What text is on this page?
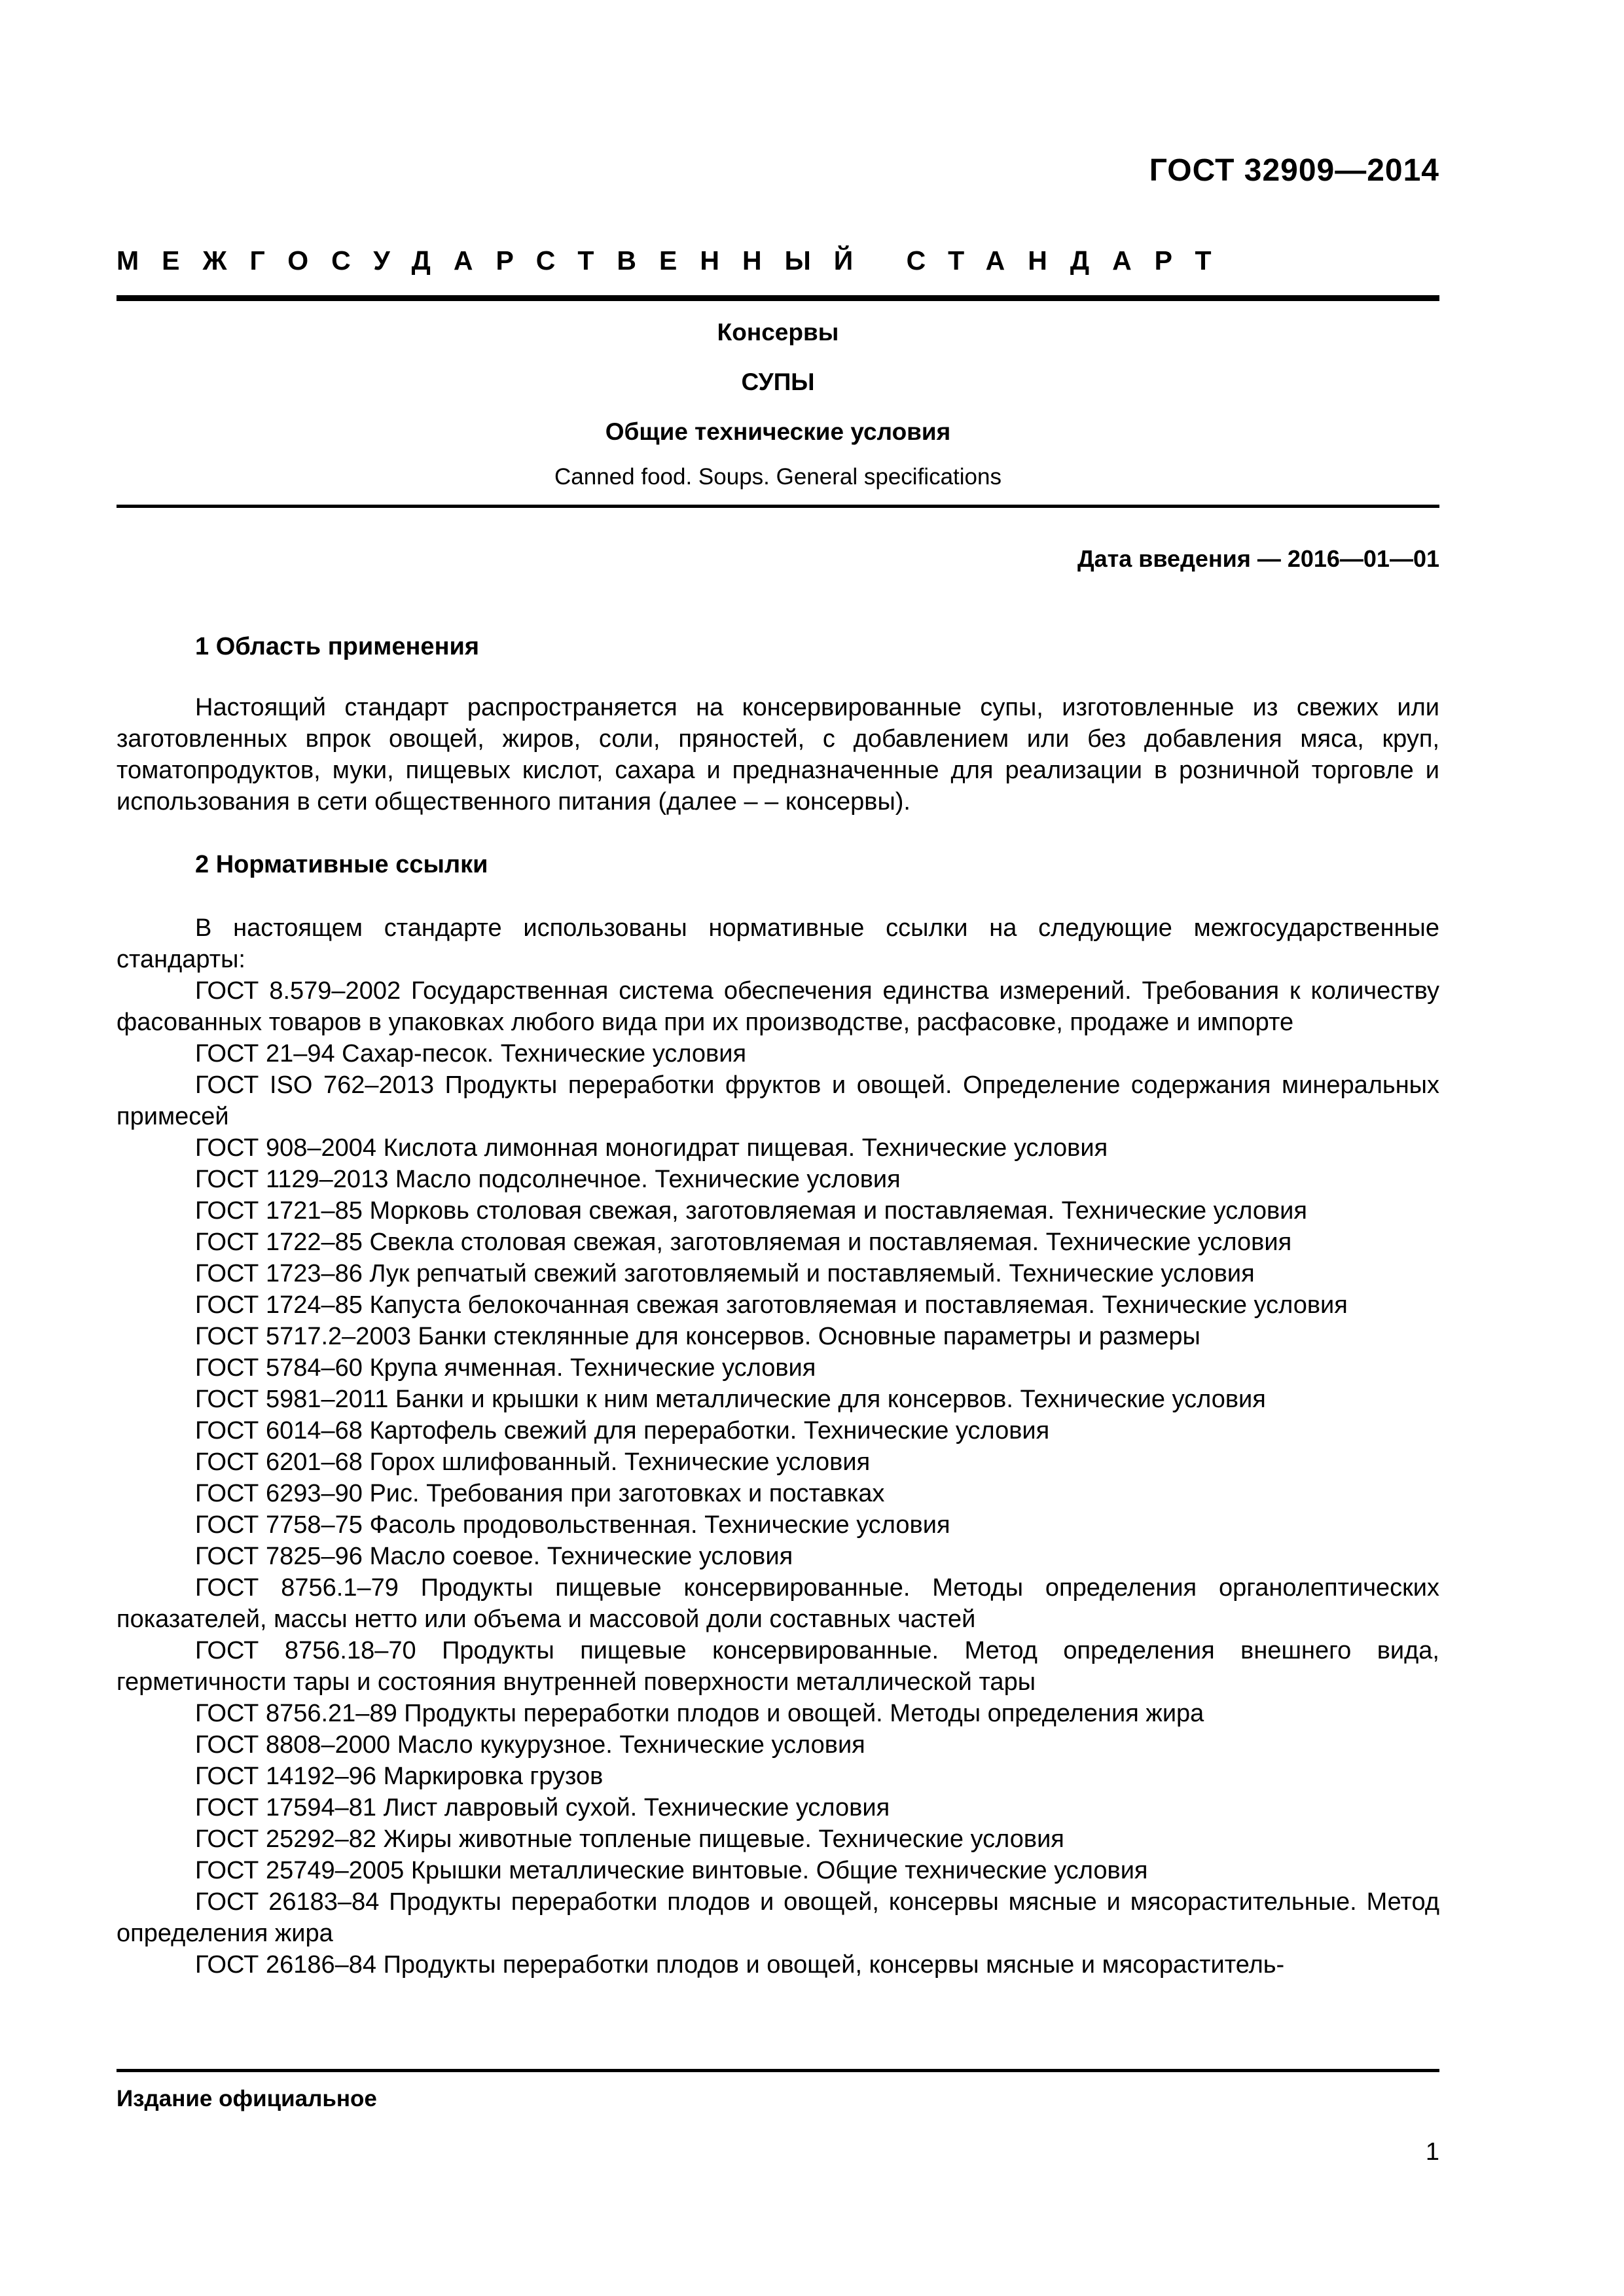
ГОСТ 32909—2014
МЕЖГОСУДАРСТВЕННЫЙ СТАНДАРТ
Консервы
СУПЫ
Общие технические условия
Canned food. Soups. General specifications
Дата введения — 2016—01—01
1 Область применения
Настоящий стандарт распространяется на консервированные супы, изготовленные из свежих или заготовленных впрок овощей, жиров, соли, пряностей, с добавлением или без добавления мяса, круп, томатопродуктов, муки, пищевых кислот, сахара и предназначенные для реализации в розничной торговле и использования в сети общественного питания (далее – – консервы).
2 Нормативные ссылки
В настоящем стандарте использованы нормативные ссылки на следующие межгосударственные стандарты:
ГОСТ 8.579–2002 Государственная система обеспечения единства измерений. Требования к количеству фасованных товаров в упаковках любого вида при их производстве, расфасовке, продаже и импорте
ГОСТ 21–94 Сахар-песок. Технические условия
ГОСТ ISO 762–2013 Продукты переработки фруктов и овощей. Определение содержания минеральных примесей
ГОСТ 908–2004 Кислота лимонная моногидрат пищевая. Технические условия
ГОСТ 1129–2013 Масло подсолнечное. Технические условия
ГОСТ 1721–85 Морковь столовая свежая, заготовляемая и поставляемая. Технические условия
ГОСТ 1722–85 Свекла столовая свежая, заготовляемая и поставляемая. Технические условия
ГОСТ 1723–86 Лук репчатый свежий заготовляемый и поставляемый. Технические условия
ГОСТ 1724–85 Капуста белокочанная свежая заготовляемая и поставляемая. Технические условия
ГОСТ 5717.2–2003 Банки стеклянные для консервов. Основные параметры и размеры
ГОСТ 5784–60 Крупа ячменная. Технические условия
ГОСТ 5981–2011 Банки и крышки к ним металлические для консервов. Технические условия
ГОСТ 6014–68 Картофель свежий для переработки. Технические условия
ГОСТ 6201–68 Горох шлифованный. Технические условия
ГОСТ 6293–90 Рис. Требования при заготовках и поставках
ГОСТ 7758–75 Фасоль продовольственная. Технические условия
ГОСТ 7825–96 Масло соевое. Технические условия
ГОСТ 8756.1–79 Продукты пищевые консервированные. Методы определения органолептических показателей, массы нетто или объема и массовой доли составных частей
ГОСТ 8756.18–70 Продукты пищевые консервированные. Метод определения внешнего вида, герметичности тары и состояния внутренней поверхности металлической тары
ГОСТ 8756.21–89 Продукты переработки плодов и овощей. Методы определения жира
ГОСТ 8808–2000 Масло кукурузное. Технические условия
ГОСТ 14192–96 Маркировка грузов
ГОСТ 17594–81 Лист лавровый сухой. Технические условия
ГОСТ 25292–82 Жиры животные топленые пищевые. Технические условия
ГОСТ 25749–2005 Крышки металлические винтовые. Общие технические условия
ГОСТ 26183–84 Продукты переработки плодов и овощей, консервы мясные и мясорастительные. Метод определения жира
ГОСТ 26186–84 Продукты переработки плодов и овощей, консервы мясные и мясораститель-
Издание официальное
1
